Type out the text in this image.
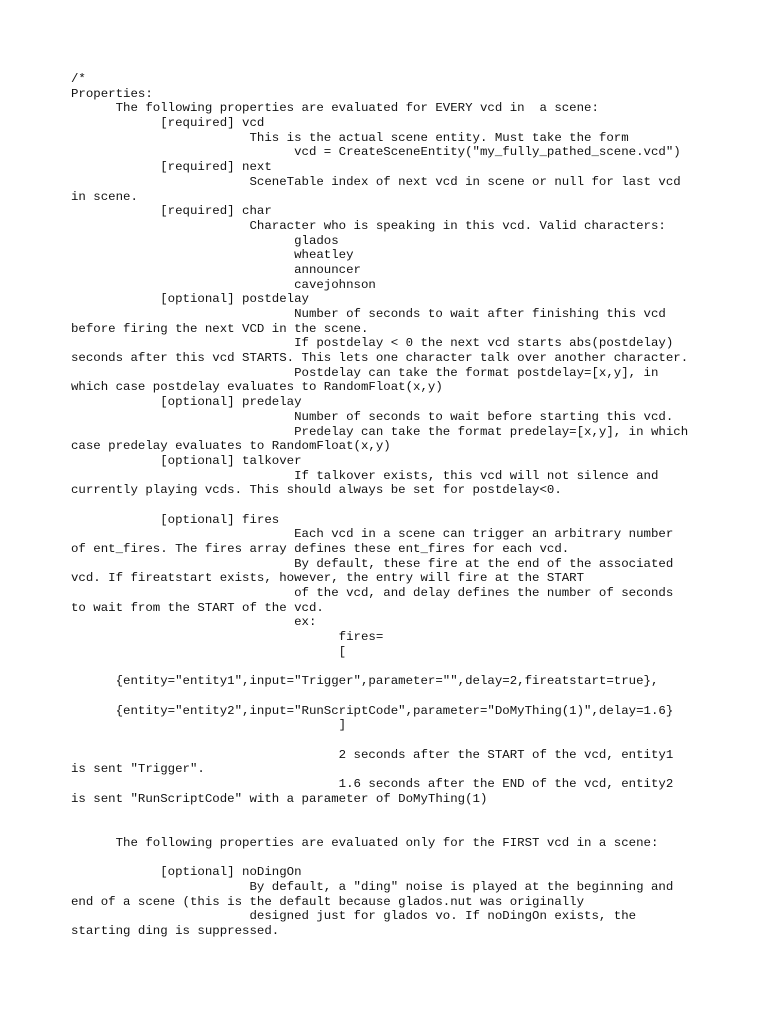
/*
Properties:
The following properties are evaluated for EVERY vcd in  a scene:
[required] vcd
This is the actual scene entity. Must take the form
vcd = CreateSceneEntity("my_fully_pathed_scene.vcd")
[required] next
SceneTable index of next vcd in scene or null for last vcd
in scene.
[required] char
Character who is speaking in this vcd. Valid characters:
glados
wheatley
announcer
cavejohnson
[optional] postdelay
Number of seconds to wait after finishing this vcd
before firing the next VCD in the scene.
If postdelay < 0 the next vcd starts abs(postdelay)
seconds after this vcd STARTS. This lets one character talk over another character.
Postdelay can take the format postdelay=[x,y], in
which case postdelay evaluates to RandomFloat(x,y)
[optional] predelay
Number of seconds to wait before starting this vcd.
Predelay can take the format predelay=[x,y], in which
case predelay evaluates to RandomFloat(x,y)
[optional] talkover
If talkover exists, this vcd will not silence and
currently playing vcds. This should always be set for postdelay<0.
[optional] fires
Each vcd in a scene can trigger an arbitrary number
of ent_fires. The fires array defines these ent_fires for each vcd.
By default, these fire at the end of the associated
vcd. If fireatstart exists, however, the entry will fire at the START
of the vcd, and delay defines the number of seconds
to wait from the START of the vcd.
ex:
fires=
[
{entity="entity1",input="Trigger",parameter="",delay=2,fireatstart=true},
{entity="entity2",input="RunScriptCode",parameter="DoMyThing(1)",delay=1.6}
]
2 seconds after the START of the vcd, entity1
is sent "Trigger".
1.6 seconds after the END of the vcd, entity2
is sent "RunScriptCode" with a parameter of DoMyThing(1)
The following properties are evaluated only for the FIRST vcd in a scene:
[optional] noDingOn
By default, a "ding" noise is played at the beginning and
end of a scene (this is the default because glados.nut was originally
designed just for glados vo. If noDingOn exists, the
starting ding is suppressed.
